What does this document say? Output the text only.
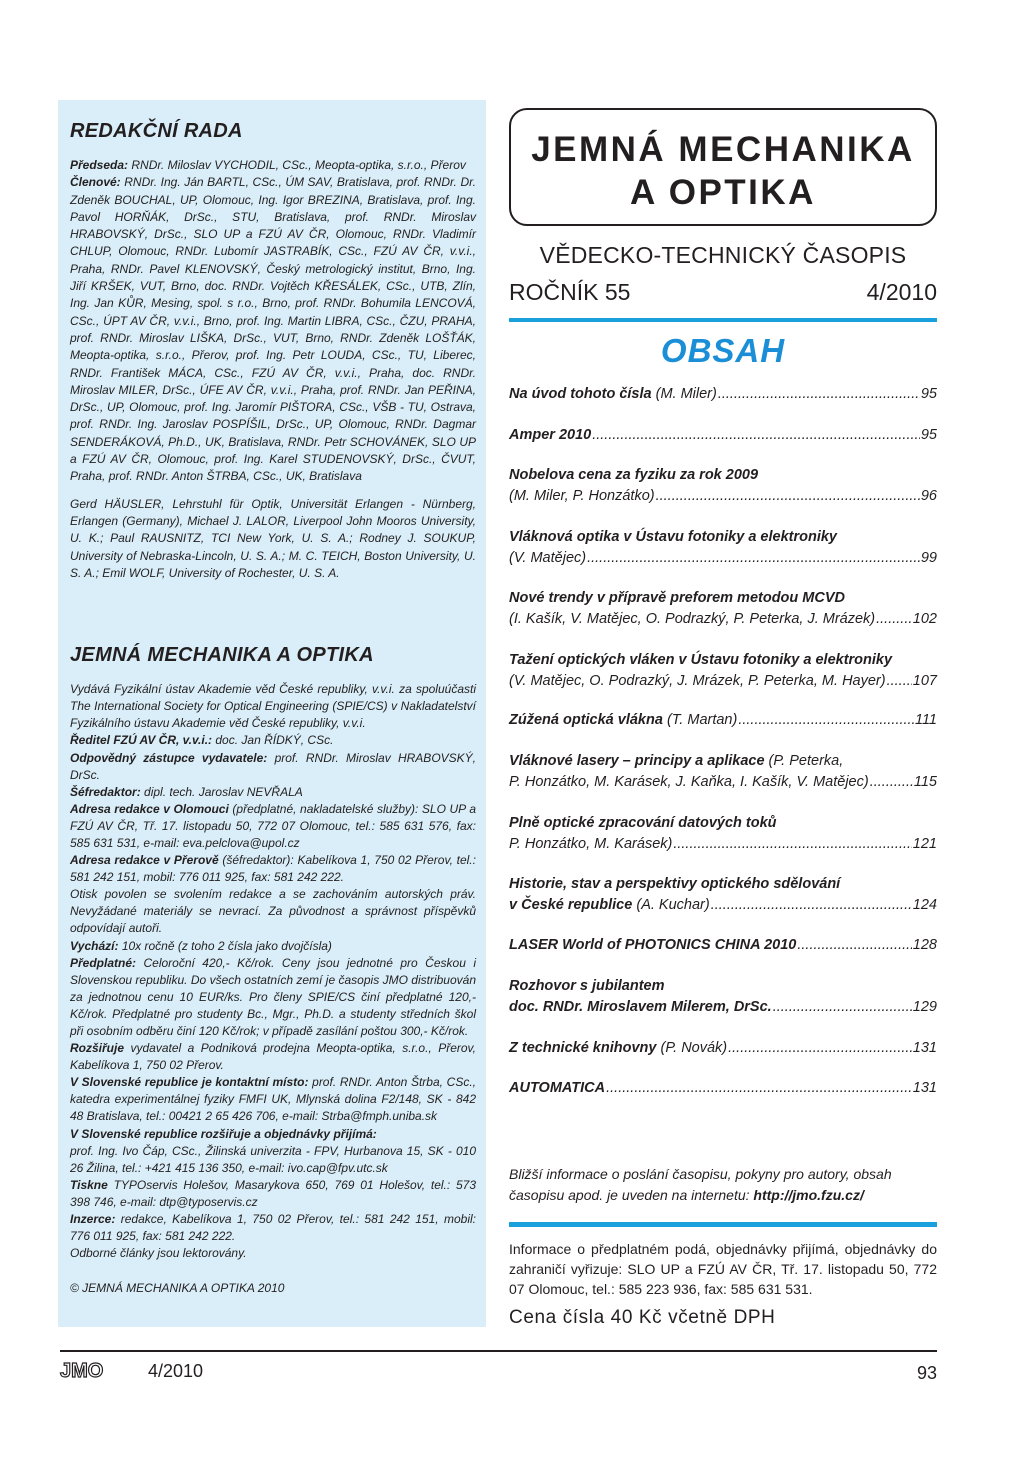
REDAKČNÍ RADA

Předseda: RNDr. Miloslav VYCHODIL, CSc., Meopta-optika, s.r.o., Přerov

Členové: RNDr. Ing. Ján BARTL, CSc., ÚM SAV, Bratislava, prof. RNDr. Dr. Zdeněk BOUCHAL, UP, Olomouc, Ing. Igor BREZINA, Bratislava, prof. Ing. Pavol HORŇÁK, DrSc., STU, Bratislava, prof. RNDr. Miroslav HRABOVSKÝ, DrSc., SLO UP a FZÚ AV ČR, Olomouc, RNDr. Vladimír CHLUP, Olomouc, RNDr. Lubomír JASTRABÍK, CSc., FZÚ AV ČR, v.v.i., Praha, RNDr. Pavel KLENOVSKÝ, Český metrologický institut, Brno, Ing. Jiří KRŠEK, VUT, Brno, doc. RNDr. Vojtěch KŘESÁLEK, CSc., UTB, Zlín, Ing. Jan KŮR, Mesing, spol. s r.o., Brno, prof. RNDr. Bohumila LENCOVÁ, CSc., ÚPT AV ČR, v.v.i., Brno, prof. Ing. Martin LIBRA, CSc., ČZU, PRAHA, prof. RNDr. Miroslav LIŠKA, DrSc., VUT, Brno, RNDr. Zdeněk LOŠŤÁK, Meopta-optika, s.r.o., Přerov, prof. Ing. Petr LOUDA, CSc., TU, Liberec, RNDr. František MÁCA, CSc., FZÚ AV ČR, v.v.i., Praha, doc. RNDr. Miroslav MILER, DrSc., ÚFE AV ČR, v.v.i., Praha, prof. RNDr. Jan PEŘINA, DrSc., UP, Olomouc, prof. Ing. Jaromír PIŠTORA, CSc., VŠB - TU, Ostrava, prof. RNDr. Ing. Jaroslav POSPÍŠIL, DrSc., UP, Olomouc, RNDr. Dagmar SENDERÁKOVÁ, Ph.D., UK, Bratislava, RNDr. Petr SCHOVÁNEK, SLO UP a FZÚ AV ČR, Olomouc, prof. Ing. Karel STUDENOVSKÝ, DrSc., ČVUT, Praha, prof. RNDr. Anton ŠTRBA, CSc., UK, Bratislava

Gerd HÄUSLER, Lehrstuhl für Optik, Universität Erlangen - Nürnberg, Erlangen (Germany), Michael J. LALOR, Liverpool John Mooros University, U. K.; Paul RAUSNITZ, TCI New York, U. S. A.; Rodney J. SOUKUP, University of Nebraska-Lincoln, U. S. A.; M. C. TEICH, Boston University, U. S. A.; Emil WOLF, University of Rochester, U. S. A.

JEMNÁ MECHANIKA A OPTIKA
Vydává Fyzikální ústav Akademie věd České republiky, v.v.i. za spoluúčasti The International Society for Optical Engineering (SPIE/CS) v Nakladatelství Fyzikálního ústavu Akademie věd České republiky, v.v.i.
Ředitel FZÚ AV ČR, v.v.i.: doc. Jan ŘÍDKÝ, CSc.
Odpovědný zástupce vydavatele: prof. RNDr. Miroslav HRABOVSKÝ, DrSc.
Šéfredaktor: dipl. tech. Jaroslav NEVŘALA
Adresa redakce v Olomouci (předplatné, nakladatelské služby): SLO UP a FZÚ AV ČR, Tř. 17. listopadu 50, 772 07 Olomouc, tel.: 585 631 576, fax: 585 631 531, e-mail: eva.pelclova@upol.cz
Adresa redakce v Přerově (šéfredaktor): Kabelíkova 1, 750 02 Přerov, tel.: 581 242 151, mobil: 776 011 925, fax: 581 242 222.
Otisk povolen se svolením redakce a se zachováním autorských práv. Nevyžádané materiály se nevrací. Za původnost a správnost příspěvků odpovídají autoři.
Vychází: 10x ročně (z toho 2 čísla jako dvojčísla)
Předplatné: Celoroční 420,- Kč/rok. Ceny jsou jednotné pro Českou i Slovenskou republiku. Do všech ostatních zemí je časopis JMO distribuován za jednotnou cenu 10 EUR/ks. Pro členy SPIE/CS činí předplatné 120,- Kč/rok. Předplatné pro studenty Bc., Mgr., Ph.D. a studenty středních škol při osobním odběru činí 120 Kč/rok; v případě zasílání poštou 300,- Kč/rok.
Rozšiřuje vydavatel a Podniková prodejna Meopta-optika, s.r.o., Přerov, Kabelíkova 1, 750 02 Přerov.
V Slovenské republice je kontaktní místo: prof. RNDr. Anton Štrba, CSc., katedra experimentálnej fyziky FMFI UK, Mlynská dolina F2/148, SK - 842 48 Bratislava, tel.: 00421 2 65 426 706, e-mail: Strba@fmph.uniba.sk
V Slovenské republice rozšiřuje a objednávky přijímá:
prof. Ing. Ivo Čáp, CSc., Žilinská univerzita - FPV, Hurbanova 15, SK - 010 26 Žilina, tel.: +421 415 136 350, e-mail: ivo.cap@fpv.utc.sk
Tiskne TYPOservis Holešov, Masarykova 650, 769 01 Holešov, tel.: 573 398 746, e-mail: dtp@typoservis.cz
Inzerce: redakce, Kabelíkova 1, 750 02 Přerov, tel.: 581 242 151, mobil: 776 011 925, fax: 581 242 222.
Odborné články jsou lektorovány.
© JEMNÁ MECHANIKA A OPTIKA 2010
JEMNÁ MECHANIKA
A OPTIKA
VĚDECKO-TECHNICKÝ ČASOPIS
ROČNÍK 55	4/2010
OBSAH
Na úvod tohoto čísla
(M. Miler) .....	95
Amper 2010 .....	95
Nobelova cena za fyziku za rok 2009
(M. Miler, P. Honzátko) .....	96
Vláknová optika v Ústavu fotoniky a elektroniky
(V. Matějec) .....	99
Nové trendy v přípravě preforem metodou MCVD
(I. Kašík, V. Matějec, O. Podrazký, P. Peterka, J. Mrázek) .....	102
Tažení optických vláken v Ústavu fotoniky a elektroniky
(V. Matějec, O. Podrazký, J. Mrázek, P. Peterka, M. Hayer) ..... 107
Zúžená optická vlákna
(T. Martan) .....	111
Vláknové lasery – principy a aplikace
(P. Peterka,
P. Honzátko, M. Karásek, J. Kaňka, I. Kašík, V. Matějec) .....	115
Plně optické zpracování datových toků
P. Honzátko, M. Karásek) .....	121
Historie, stav a perspektivy optického sdělování
v České republice
(A. Kuchar) .....	124
LASER World of PHOTONICS CHINA 2010 .....	128
Rozhovor s jubilantem
doc. RNDr. Miroslavem Milerem, DrSc. .....	129
Z technické knihovny
(P. Novák) .....	131
AUTOMATICA .....	131
Bližší informace o poslání časopisu, pokyny pro autory, obsah časopisu apod. je uveden na internetu: http://jmo.fzu.cz/
Informace o předplatném podá, objednávky přijímá, objednávky do zahraničí vyřizuje: SLO UP a FZÚ AV ČR, Tř. 17. listopadu 50, 772 07 Olomouc, tel.: 585 223 936, fax: 585 631 531.
Cena čísla 40 Kč včetně DPH
JMO 4/2010	93
